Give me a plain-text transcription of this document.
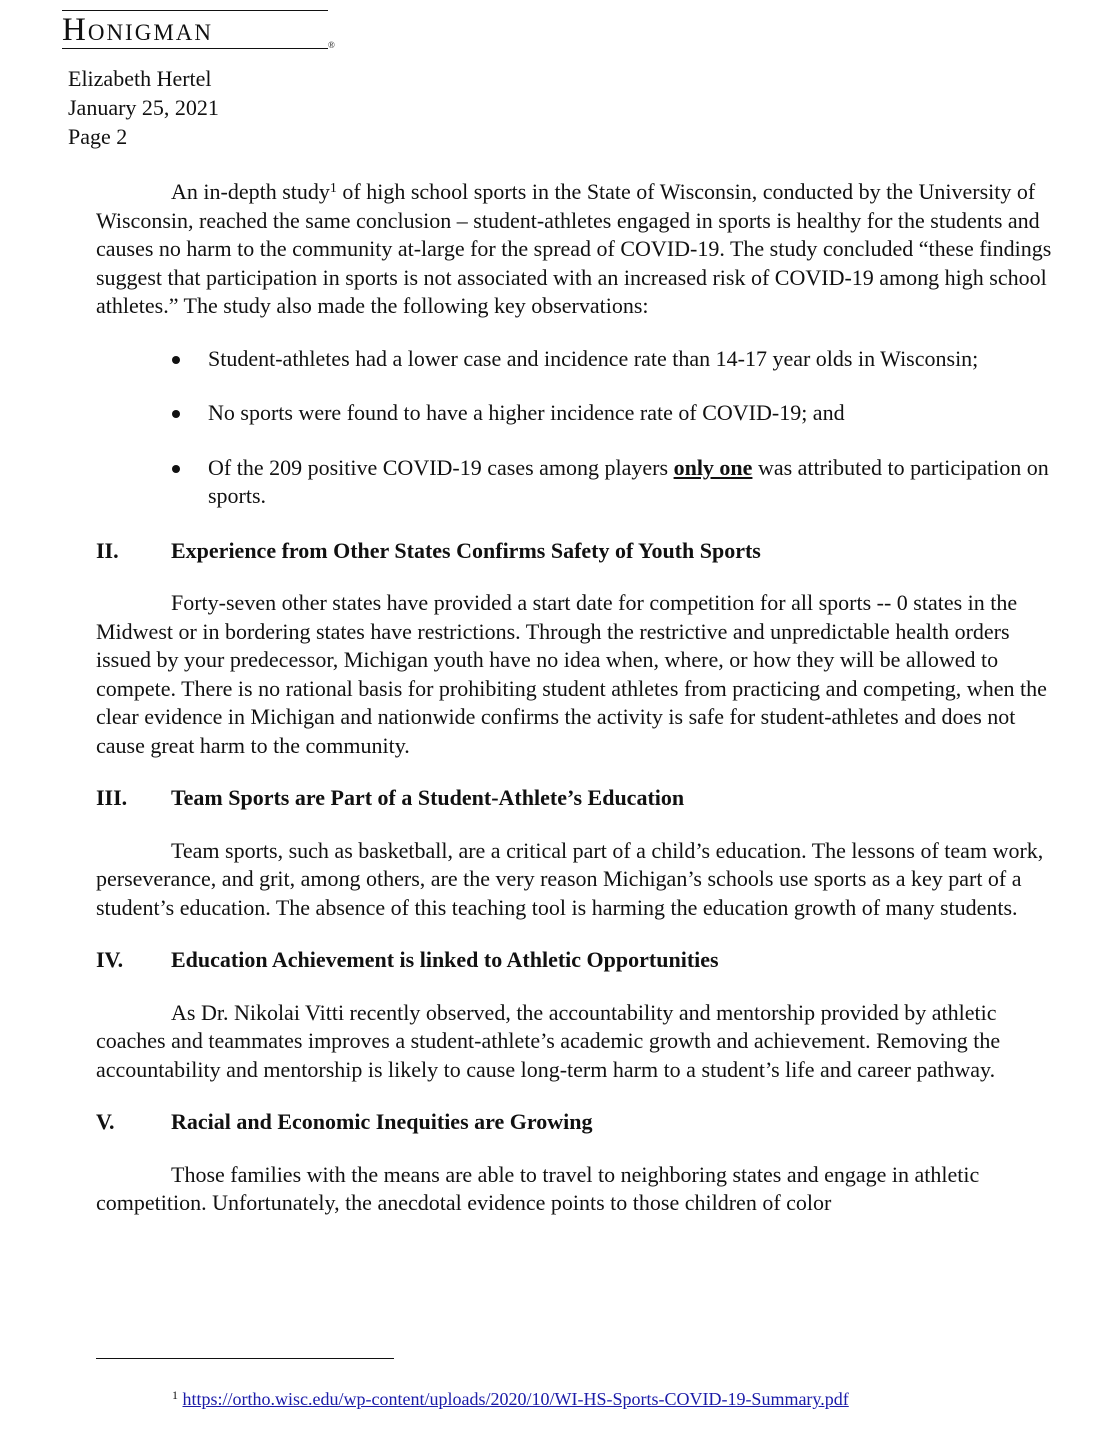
Honigman	®
Elizabeth Hertel
January 25, 2021
Page 2

An in-depth study$^1$ of high school sports in the State of Wisconsin, conducted by the University of Wisconsin, reached the same conclusion – student-athletes engaged in sports is healthy for the students and causes no harm to the community at-large for the spread of COVID-19. The study concluded “these findings suggest that participation in sports is not associated with an increased risk of COVID-19 among high school athletes.” The study also made the following key observations:

Student-athletes had a lower case and incidence rate than 14-17 year olds in Wisconsin;
No sports were found to have a higher incidence rate of COVID-19; and
Of the 209 positive COVID-19 cases among players only one was attributed to participation on sports.
II.	Experience from Other States Confirms Safety of Youth Sports

Forty-seven other states have provided a start date for competition for all sports -- 0 states in the Midwest or in bordering states have restrictions. Through the restrictive and unpredictable health orders issued by your predecessor, Michigan youth have no idea when, where, or how they will be allowed to compete. There is no rational basis for prohibiting student athletes from practicing and competing, when the clear evidence in Michigan and nationwide confirms the activity is safe for student-athletes and does not cause great harm to the community.

III.	Team Sports are Part of a Student-Athlete’s Education

Team sports, such as basketball, are a critical part of a child’s education. The lessons of team work, perseverance, and grit, among others, are the very reason Michigan’s schools use sports as a key part of a student’s education. The absence of this teaching tool is harming the education growth of many students.

IV.	Education Achievement is linked to Athletic Opportunities

As Dr. Nikolai Vitti recently observed, the accountability and mentorship provided by athletic coaches and teammates improves a student-athlete’s academic growth and achievement. Removing the accountability and mentorship is likely to cause long-term harm to a student’s life and career pathway.

V.	Racial and Economic Inequities are Growing

Those families with the means are able to travel to neighboring states and engage in athletic competition. Unfortunately, the anecdotal evidence points to those children of color

$^1$ https://ortho.wisc.edu/wp-content/uploads/2020/10/WI-HS-Sports-COVID-19-Summary.pdf
